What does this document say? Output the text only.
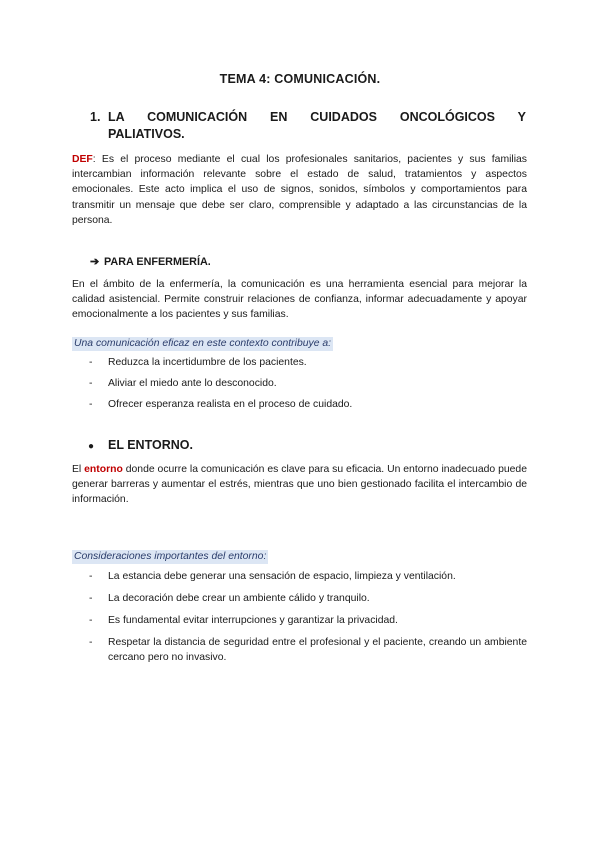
TEMA 4: COMUNICACIÓN.
1. LA COMUNICACIÓN EN CUIDADOS ONCOLÓGICOS Y
PALIATIVOS.
DEF: Es el proceso mediante el cual los profesionales sanitarios, pacientes y sus familias intercambian información relevante sobre el estado de salud, tratamientos y aspectos emocionales. Este acto implica el uso de signos, sonidos, símbolos y comportamientos para transmitir un mensaje que debe ser claro, comprensible y adaptado a las circunstancias de la persona.
➔ PARA ENFERMERÍA.
En el ámbito de la enfermería, la comunicación es una herramienta esencial para mejorar la calidad asistencial. Permite construir relaciones de confianza, informar adecuadamente y apoyar emocionalmente a los pacientes y sus familias.
Una comunicación eficaz en este contexto contribuye a:
- Reduzca la incertidumbre de los pacientes.
- Aliviar el miedo ante lo desconocido.
- Ofrecer esperanza realista en el proceso de cuidado.
● EL ENTORNO.
El entorno donde ocurre la comunicación es clave para su eficacia. Un entorno inadecuado puede generar barreras y aumentar el estrés, mientras que uno bien gestionado facilita el intercambio de información.
Consideraciones importantes del entorno:
- La estancia debe generar una sensación de espacio, limpieza y ventilación.
- La decoración debe crear un ambiente cálido y tranquilo.
- Es fundamental evitar interrupciones y garantizar la privacidad.
- Respetar la distancia de seguridad entre el profesional y el paciente, creando un ambiente cercano pero no invasivo.
